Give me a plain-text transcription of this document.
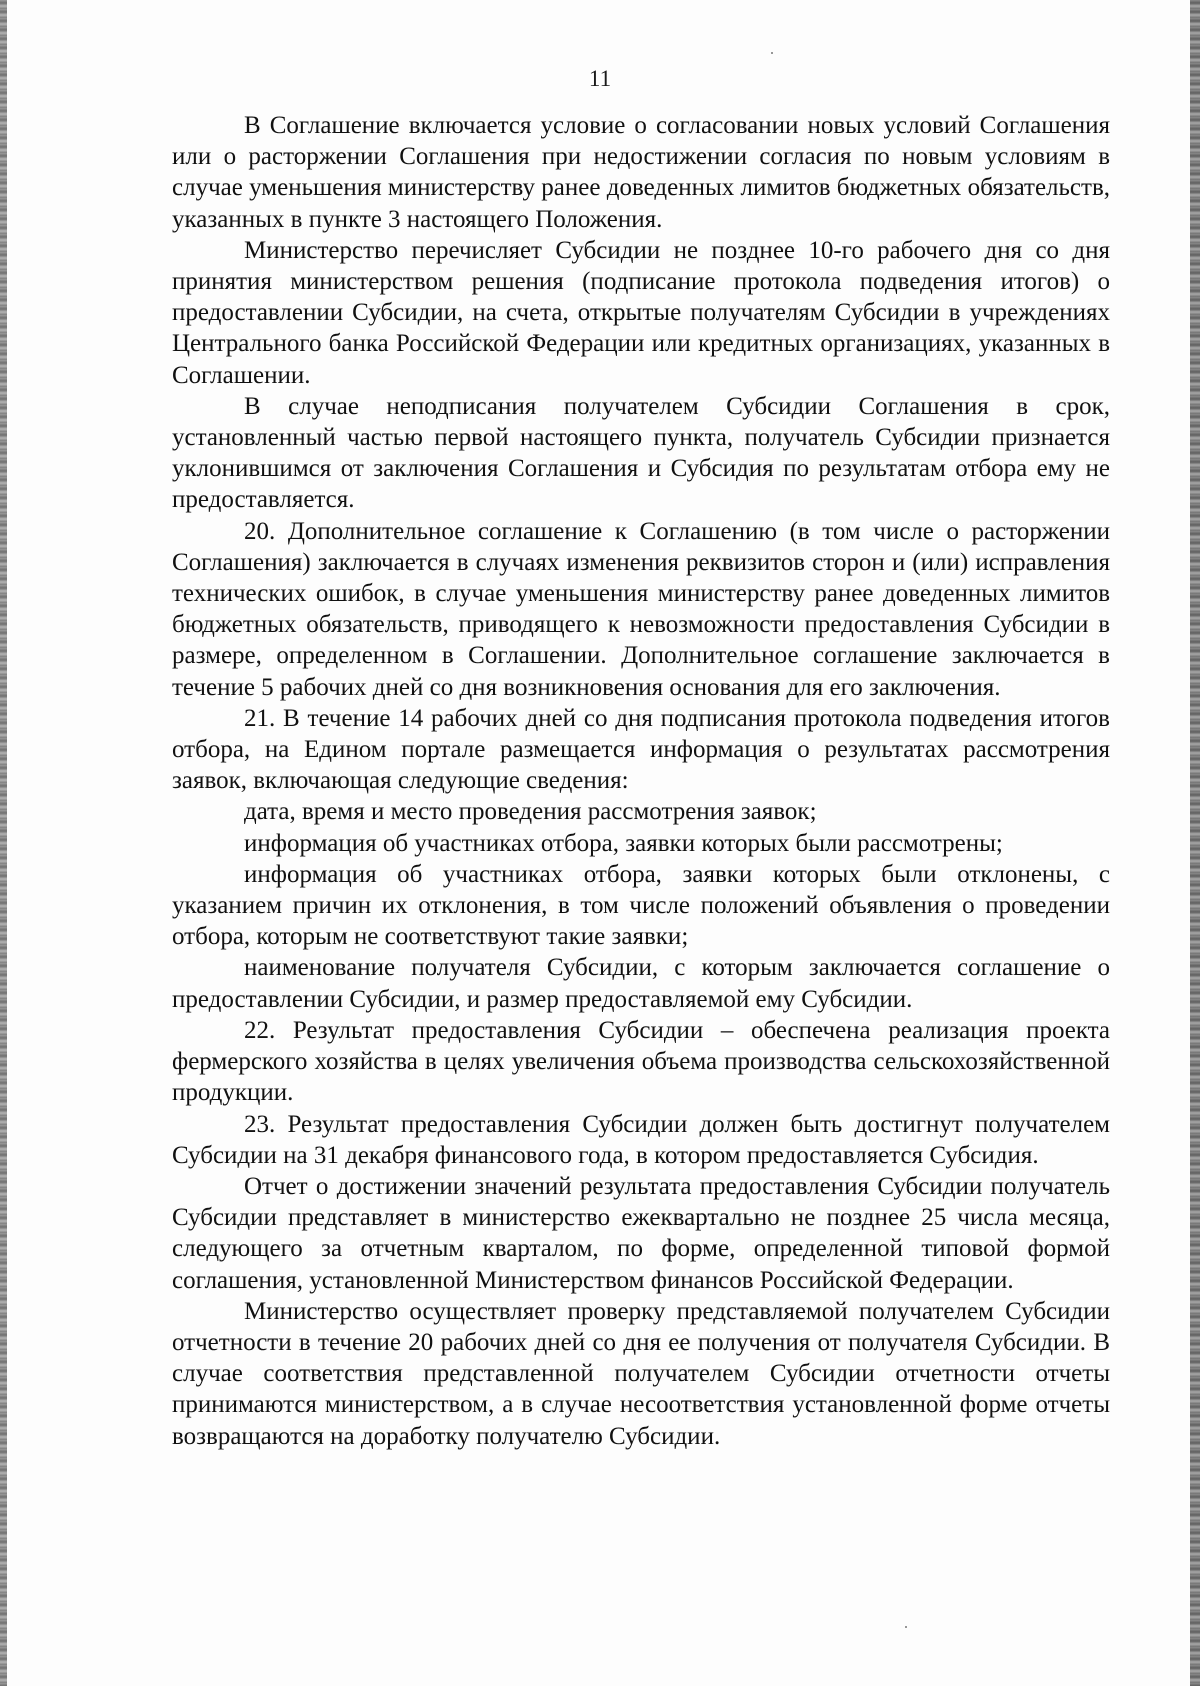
11

В Соглашение включается условие о согласовании новых условий Соглашения или о расторжении Соглашения при недостижении согласия по новым условиям в случае уменьшения министерству ранее доведенных лимитов бюджетных обязательств, указанных в пункте 3 настоящего Положения.

Министерство перечисляет Субсидии не позднее 10-го рабочего дня со дня принятия министерством решения (подписание протокола подведения итогов) о предоставлении Субсидии, на счета, открытые получателям Субсидии в учреждениях Центрального банка Российской Федерации или кредитных организациях, указанных в Соглашении.

В случае неподписания получателем Субсидии Соглашения в срок, установленный частью первой настоящего пункта, получатель Субсидии признается уклонившимся от заключения Соглашения и Субсидия по результатам отбора ему не предоставляется.

20. Дополнительное соглашение к Соглашению (в том числе о расторжении Соглашения) заключается в случаях изменения реквизитов сторон и (или) исправления технических ошибок, в случае уменьшения министерству ранее доведенных лимитов бюджетных обязательств, приводящего к невозможности предоставления Субсидии в размере, определенном в Соглашении. Дополнительное соглашение заключается в течение 5 рабочих дней со дня возникновения основания для его заключения.

21. В течение 14 рабочих дней со дня подписания протокола подведения итогов отбора, на Едином портале размещается информация о результатах рассмотрения заявок, включающая следующие сведения:

дата, время и место проведения рассмотрения заявок;

информация об участниках отбора, заявки которых были рассмотрены;

информация об участниках отбора, заявки которых были отклонены, с указанием причин их отклонения, в том числе положений объявления о проведении отбора, которым не соответствуют такие заявки;

наименование получателя Субсидии, с которым заключается соглашение о предоставлении Субсидии, и размер предоставляемой ему Субсидии.

22. Результат предоставления Субсидии – обеспечена реализация проекта фермерского хозяйства в целях увеличения объема производства сельскохозяйственной продукции.

23. Результат предоставления Субсидии должен быть достигнут получателем Субсидии на 31 декабря финансового года, в котором предоставляется Субсидия.

Отчет о достижении значений результата предоставления Субсидии получатель Субсидии представляет в министерство ежеквартально не позднее 25 числа месяца, следующего за отчетным кварталом, по форме, определенной типовой формой соглашения, установленной Министерством финансов Российской Федерации.

Министерство осуществляет проверку представляемой получателем Субсидии отчетности в течение 20 рабочих дней со дня ее получения от получателя Субсидии. В случае соответствия представленной получателем Субсидии отчетности отчеты принимаются министерством, а в случае несоответствия установленной форме отчеты возвращаются на доработку получателю Субсидии.
